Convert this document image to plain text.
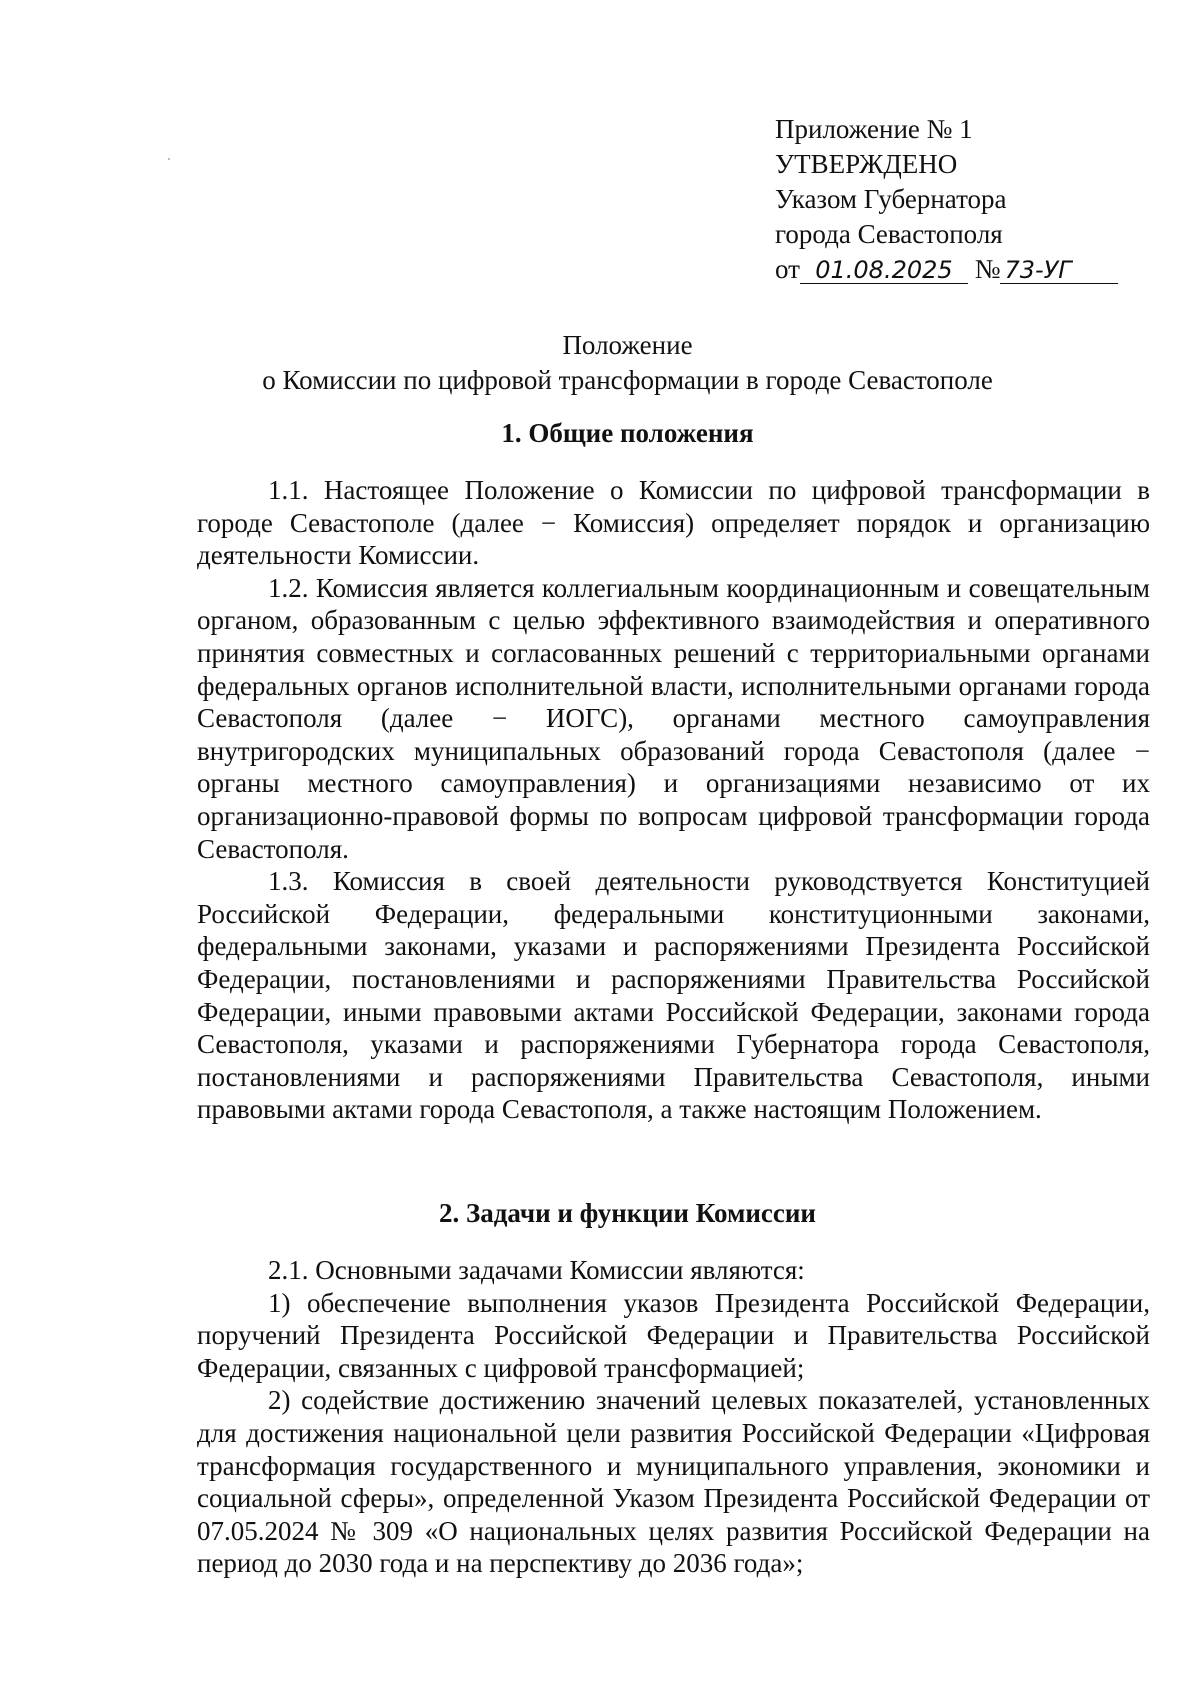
Приложение № 1
УТВЕРЖДЕНО
Указом Губернатора
города Севастополя
от 01.08.2025 № 73-УГ
Положение
о Комиссии по цифровой трансформации в городе Севастополе
1. Общие положения

1.1. Настоящее Положение о Комиссии по цифровой трансформации в городе Севастополе (далее − Комиссия) определяет порядок и организацию деятельности Комиссии.

1.2. Комиссия является коллегиальным координационным и совещательным органом, образованным с целью эффективного взаимодействия и оперативного принятия совместных и согласованных решений с территориальными органами федеральных органов исполнительной власти, исполнительными органами города Севастополя (далее − ИОГС), органами местного самоуправления внутригородских муниципальных образований города Севастополя (далее − органы местного самоуправления) и организациями независимо от их организационно-правовой формы по вопросам цифровой трансформации города Севастополя.

1.3. Комиссия в своей деятельности руководствуется Конституцией Российской Федерации, федеральными конституционными законами, федеральными законами, указами и распоряжениями Президента Российской Федерации, постановлениями и распоряжениями Правительства Российской Федерации, иными правовыми актами Российской Федерации, законами города Севастополя, указами и распоряжениями Губернатора города Севастополя, постановлениями и распоряжениями Правительства Севастополя, иными правовыми актами города Севастополя, а также настоящим Положением.

2. Задачи и функции Комиссии

2.1. Основными задачами Комиссии являются:

1) обеспечение выполнения указов Президента Российской Федерации, поручений Президента Российской Федерации и Правительства Российской Федерации, связанных с цифровой трансформацией;

2) содействие достижению значений целевых показателей, установленных для достижения национальной цели развития Российской Федерации «Цифровая трансформация государственного и муниципального управления, экономики и социальной сферы», определенной Указом Президента Российской Федерации от 07.05.2024 № 309 «О национальных целях развития Российской Федерации на период до 2030 года и на перспективу до 2036 года»;
